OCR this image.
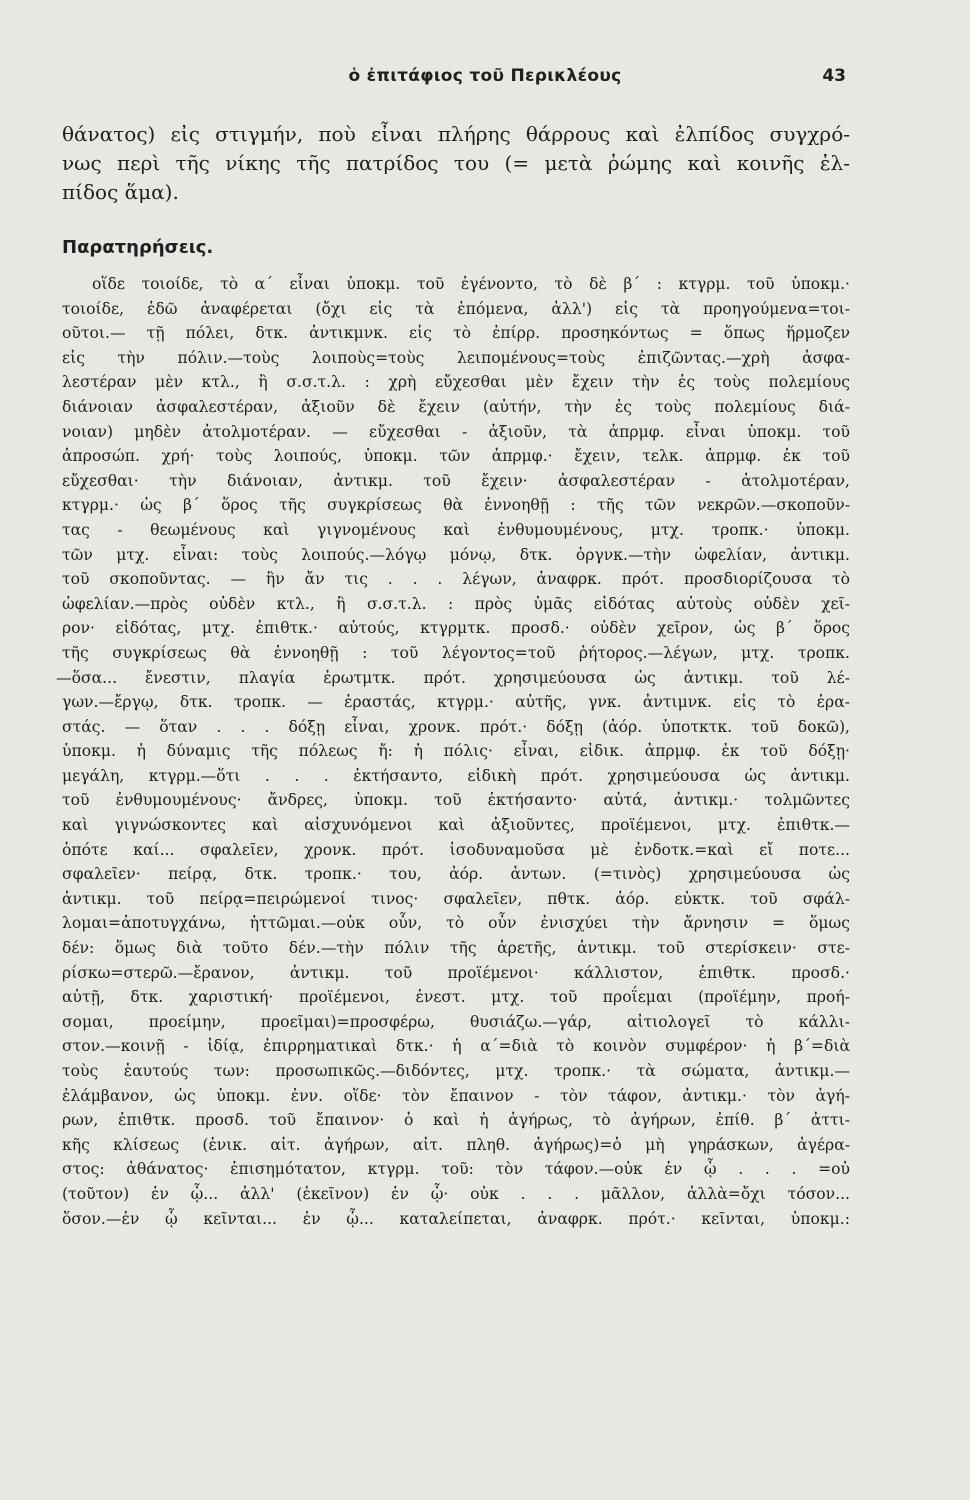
ὁ ἐπιτάφιος τοῦ Περικλέους	43
θάνατος) εἰς στιγμήν, ποὺ εἶναι πλήρης θάρρους καὶ ἐλπίδος συγχρό-
νως περὶ τῆς νίκης τῆς πατρίδος του (= μετὰ ῥώμης καὶ κοινῆς ἐλ-
πίδος ἅμα).
Παρατηρήσεις.
οἵδε τοιοίδε, τὸ α΄ εἶναι ὑποκμ. τοῦ ἐγένοντο, τὸ δὲ β΄ : κτγρμ. τοῦ ὑποκμ.·
τοιοίδε, ἐδῶ ἀναφέρεται (ὄχι εἰς τὰ ἑπόμενα, ἀλλ') εἰς τὰ προηγούμενα=τοι-
οῦτοι.— τῇ πόλει, δτκ. ἀντικμνκ. εἰς τὸ ἐπίρρ. προσηκόντως = ὅπως ἥρμοζεν
εἰς τὴν πόλιν.—τοὺς λοιποὺς=τοὺς λειπομένους=τοὺς ἐπιζῶντας.—χρὴ ἀσφα-
λεστέραν μὲν κτλ., ἢ σ.σ.τ.λ. : χρὴ εὔχεσθαι μὲν ἔχειν τὴν ἐς τοὺς πολεμίους
διάνοιαν ἀσφαλεστέραν, ἀξιοῦν δὲ ἔχειν (αὐτήν, τὴν ἐς τοὺς πολεμίους διά-
νοιαν) μηδὲν ἀτολμοτέραν. — εὔχεσθαι - ἀξιοῦν, τὰ ἀπρμφ. εἶναι ὑποκμ. τοῦ
ἀπροσώπ. χρή· τοὺς λοιπούς, ὑποκμ. τῶν ἀπρμφ.· ἔχειν, τελκ. ἀπρμφ. ἐκ τοῦ
εὔχεσθαι· τὴν διάνοιαν, ἀντικμ. τοῦ ἔχειν· ἀσφαλεστέραν - ἀτολμοτέραν,
κτγρμ.· ὡς β΄ ὅρος τῆς συγκρίσεως θὰ ἐννοηθῇ : τῆς τῶν νεκρῶν.—σκοποῦν-
τας - θεωμένους καὶ γιγνομένους καὶ ἐνθυμουμένους, μτχ. τροπκ.· ὑποκμ.
τῶν μτχ. εἶναι: τοὺς λοιπούς.—λόγῳ μόνῳ, δτκ. ὀργνκ.—τὴν ὠφελίαν, ἀντικμ.
τοῦ σκοποῦντας. — ἣν ἄν τις . . . λέγων, ἀναφρκ. πρότ. προσδιορίζουσα τὸ
ὠφελίαν.—πρὸς οὐδὲν κτλ., ἢ σ.σ.τ.λ. : πρὸς ὑμᾶς εἰδότας αὐτοὺς οὐδὲν χεῖ-
ρον· εἰδότας, μτχ. ἐπιθτκ.· αὐτούς, κτγρμτκ. προσδ.· οὐδὲν χεῖρον, ὡς β΄ ὅρος
τῆς συγκρίσεως θὰ ἐννοηθῇ : τοῦ λέγοντος=τοῦ ῥήτορος.—λέγων, μτχ. τροπκ.
—ὅσα... ἔνεστιν, πλαγία ἐρωτμτκ. πρότ. χρησιμεύουσα ὡς ἀντικμ. τοῦ λέ-
γων.—ἔργῳ, δτκ. τροπκ. — ἐραστάς, κτγρμ.· αὐτῆς, γνκ. ἀντιμνκ. εἰς τὸ ἐρα-
στάς. — ὅταν . . . δόξῃ εἶναι, χρονκ. πρότ.· δόξῃ (ἀόρ. ὑποτκτκ. τοῦ δοκῶ),
ὑποκμ. ἡ δύναμις τῆς πόλεως ἤ: ἡ πόλις· εἶναι, εἰδικ. ἀπρμφ. ἐκ τοῦ δόξῃ·
μεγάλη, κτγρμ.—ὅτι . . . ἐκτήσαντο, εἰδικὴ πρότ. χρησιμεύουσα ὡς ἀντικμ.
τοῦ ἐνθυμουμένους· ἄνδρες, ὑποκμ. τοῦ ἐκτήσαντο· αὐτά, ἀντικμ.· τολμῶντες
καὶ γιγνώσκοντες καὶ αἰσχυνόμενοι καὶ ἀξιοῦντες, προϊέμενοι, μτχ. ἐπιθτκ.—
ὁπότε καί... σφαλεῖεν, χρονκ. πρότ. ἰσοδυναμοῦσα μὲ ἐνδοτκ.=καὶ εἴ ποτε...
σφαλεῖεν· πείρᾳ, δτκ. τροπκ.· του, ἀόρ. ἀντων. (=τινὸς) χρησιμεύουσα ὡς
ἀντικμ. τοῦ πείρᾳ=πειρώμενοί τινος· σφαλεῖεν, πθτκ. ἀόρ. εὐκτκ. τοῦ σφάλ-
λομαι=ἀποτυγχάνω, ἡττῶμαι.—οὐκ οὖν, τὸ οὖν ἐνισχύει τὴν ἄρνησιν = ὅμως
δέν: ὅμως διὰ τοῦτο δέν.—τὴν πόλιν τῆς ἀρετῆς, ἀντικμ. τοῦ στερίσκειν· στε-
ρίσκω=στερῶ.—ἔρανον, ἀντικμ. τοῦ προϊέμενοι· κάλλιστον, ἐπιθτκ. προσδ.·
αὐτῇ, δτκ. χαριστική· προϊέμενοι, ἐνεστ. μτχ. τοῦ προΐεμαι (προϊέμην, προή-
σομαι, προείμην, προεῖμαι)=προσφέρω, θυσιάζω.—γάρ, αἰτιολογεῖ τὸ κάλλι-
στον.—κοινῇ - ἰδίᾳ, ἐπιρρηματικαὶ δτκ.· ἡ α΄=διὰ τὸ κοινὸν συμφέρον· ἡ β΄=διὰ
τοὺς ἑαυτούς των: προσωπικῶς.—διδόντες, μτχ. τροπκ.· τὰ σώματα, ἀντικμ.—
ἐλάμβανον, ὡς ὑποκμ. ἐνν. οἵδε· τὸν ἔπαινον - τὸν τάφον, ἀντικμ.· τὸν ἀγή-
ρων, ἐπιθτκ. προσδ. τοῦ ἔπαινον· ὁ καὶ ἡ ἀγήρως, τὸ ἀγήρων, ἐπίθ. β΄ ἀττι-
κῆς κλίσεως (ἑνικ. αἰτ. ἀγήρων, αἰτ. πληθ. ἀγήρως)=ὁ μὴ γηράσκων, ἀγέρα-
στος: ἀθάνατος· ἐπισημότατον, κτγρμ. τοῦ: τὸν τάφον.—οὐκ ἐν ᾧ . . . =οὐ
(τοῦτον) ἐν ᾧ... ἀλλ' (ἐκεῖνον) ἐν ᾧ· οὐκ . . . μᾶλλον, ἀλλὰ=ὄχι τόσον...
ὅσον.—ἐν ᾧ κεῖνται... ἐν ᾧ... καταλείπεται, ἀναφρκ. πρότ.· κεῖνται, ὑποκμ.:
